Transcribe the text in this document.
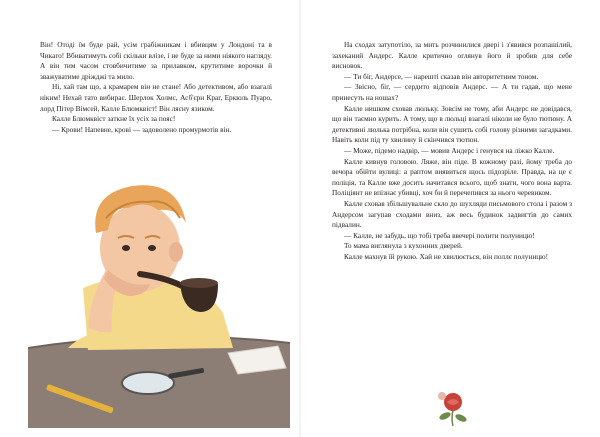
Він! Отоді їм буде рай, усім грабіжникам і вбивцям у Лондоні та в Чикаго! Вбиватимуть собі скільки влізе, і не буде за ними ніякого нагляду. А він тим часом стовбичитиме за прилавком, крутитиме ворочки й зважуватиме дріжджі та мило.

Ні, хай там що, а крамарем він не стане! Або детективом, або взагалі ніким! Нехай тато вибирає. Шерлок Холмс, Асб'єрн Краг, Еркюль Пуаро, лорд Пітер Вімсей, Калле Блюмквіст! Він лясну язиком.

Калле Блюмквіст заткне їх усіх за пояс!

— Крови! Напевне, крові — задоволено промурмотів він.

На сходах затупотіло, за мить розчинилися двері і з'явився розпашілий, захеканий Андерс. Калле критично оглянув його й зробив для себе висновок.

— Ти біг, Андерсе, — нарешті сказав він авторитетним тоном.

— Звісно, біг, — сердито відповів Андерс. — А ти гадав, що мене принесуть на ношах?

Калле нишком сховав люльку. Зовсім не тому, аби Андерс не довідався, що він таємно курить. А тому, що в люльці взагалі ніколи не було тютюну. А детективні люлька потрібна, коли він сушить собі голову різними загадками. Навіть коли під ту хвилину й скінчився тютюн.

— Може, підемо надвір, — мовив Андерс і генувся на ліжко Калле.

Калле кивнув головою. Ляже, він піде. В кожному разі, йому треба до вечора обійти вулиці: а раптом виявиться щось підозріле. Правда, на це є поліція, та Калле вже досить начитався всього, щоб знати, чого вона варта. Поліціянт не впізнає убивці, хоч би й перечепився за нього черевиком.

Калле сховав збільшувальне скло до шухляди письмового стола і разом з Андерсом загупав сходами вниз, аж весь будинок задвигтів до самих підвалин.

— Калле, не забудь, що тобі треба ввечері полити полуницю!

То мама виглянула з кухонних дверей.

Калле махнув їй рукою. Хай не хвилюється, він поллє полуницю!
